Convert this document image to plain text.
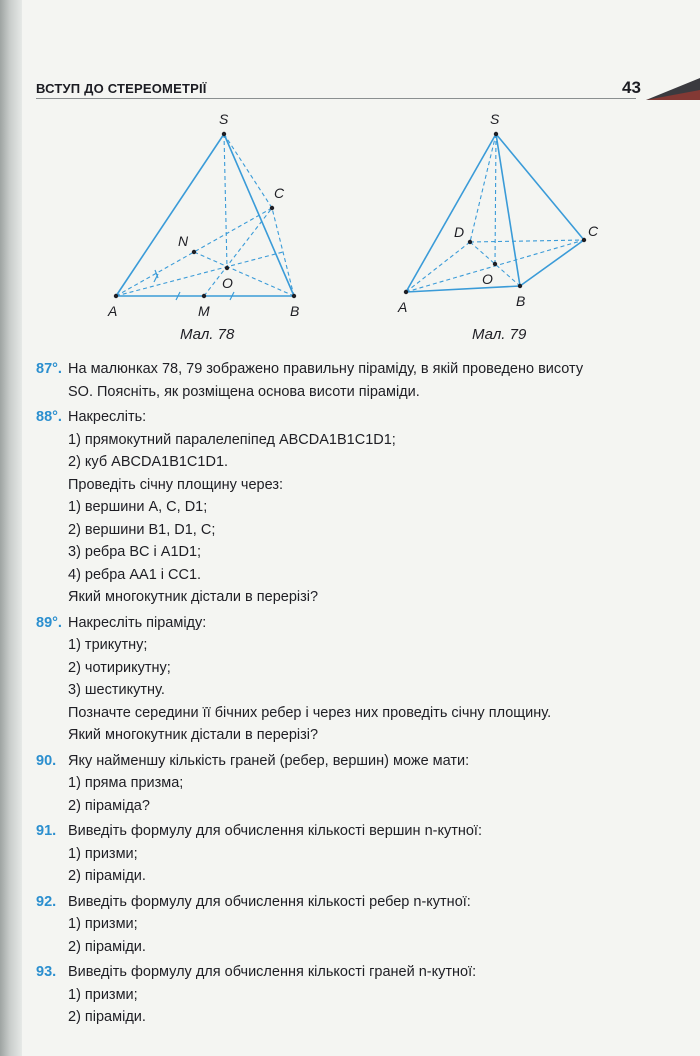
ВСТУП ДО СТЕРЕОМЕТРІЇ	43
S
C
N
O
A	M	B
Мал. 78
S
D	C
O
A	B
Мал. 79
87°. На малюнках 78, 79 зображено правильну піраміду, в якій проведено висоту
SO. Поясніть, як розміщена основа висоти піраміди.
88°. Накресліть:
1) прямокутний паралелепіпед ABCDA1B1C1D1;
2) куб ABCDA1B1C1D1.
Проведіть січну площину через:
1) вершини A, C, D1;
2) вершини B1, D1, C;
3) ребра BC і A1D1;
4) ребра AA1 і CC1.
Який многокутник дістали в перерізі?
89°. Накресліть піраміду:
1) трикутну;
2) чотирикутну;
3) шестикутну.
Позначте середини її бічних ребер і через них проведіть січну площину.
Який многокутник дістали в перерізі?
90. Яку найменшу кількість граней (ребер, вершин) може мати:
1) пряма призма;
2) піраміда?
91. Виведіть формулу для обчислення кількості вершин n-кутної:
1) призми;
2) піраміди.
92. Виведіть формулу для обчислення кількості ребер n-кутної:
1) призми;
2) піраміди.
93. Виведіть формулу для обчислення кількості граней n-кутної:
1) призми;
2) піраміди.
